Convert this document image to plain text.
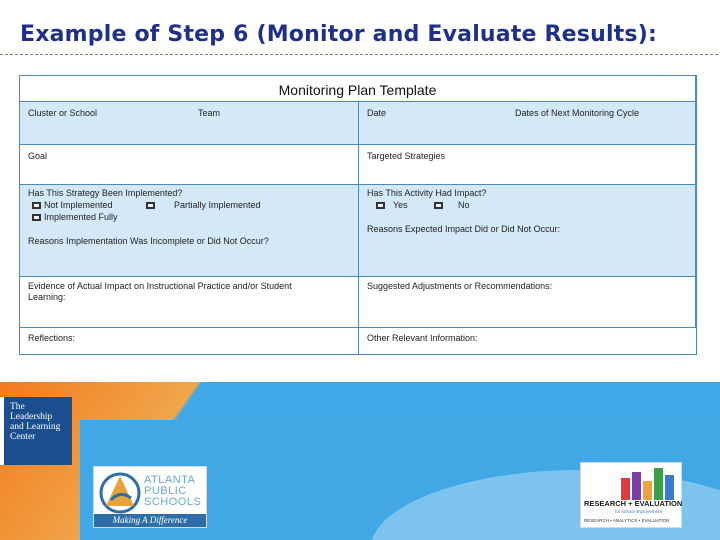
Example of Step 6 (Monitor and Evaluate Results):
Monitoring Plan Template
Cluster or School	Team	Date	Dates of Next Monitoring Cycle
Goal	Targeted Strategies
Has This Strategy Been Implemented?
Not Implemented	Partially Implemented
Implemented Fully
Reasons Implementation Was Incomplete or Did Not Occur?
Has This Activity Had Impact?
Yes	No
Reasons Expected Impact Did or Did Not Occur:
Evidence of Actual Impact on Instructional Practice and/or Student
Learning:
Suggested Adjustments or Recommendations:
Reflections:	Other Relevant Information:
The
Leadership
and Learning
Center
ATLANTA
PUBLIC
SCHOOLS
Making A Difference
RESEARCH + EVALUATION
for school improvement
RESEARCH • ANALYTICS • EVALUATION
